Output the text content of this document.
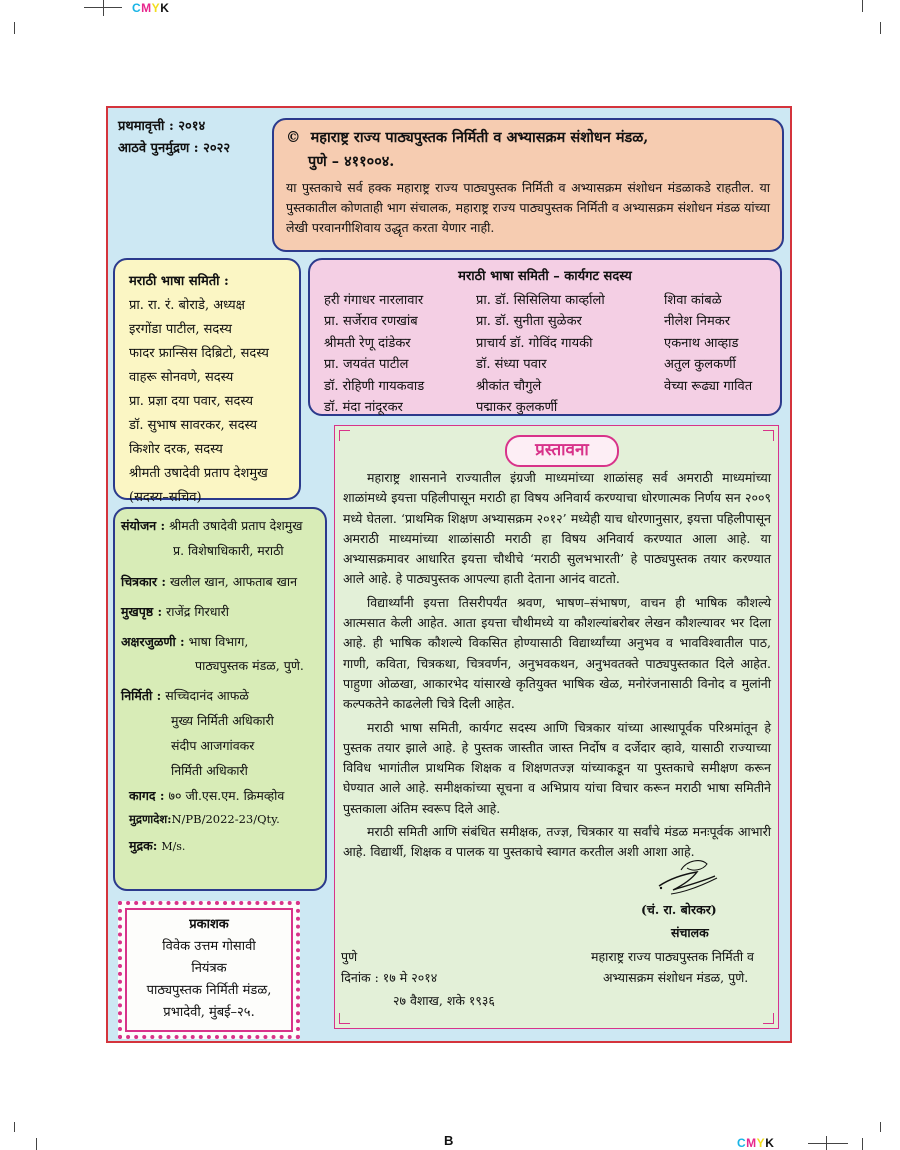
CMYK
CMYK
प्रथमावृत्ती : २०१४
आठवे पुनर्मुद्रण : २०२२
© महाराष्ट्र राज्य पाठ्यपुस्तक निर्मिती व अभ्यासक्रम संशोधन मंडळ,
पुणे – ४११००४.
या पुस्तकाचे सर्व हक्क महाराष्ट्र राज्य पाठ्यपुस्तक निर्मिती व अभ्यासक्रम संशोधन मंडळाकडे राहतील. या पुस्तकातील कोणताही भाग संचालक, महाराष्ट्र राज्य पाठ्यपुस्तक निर्मिती व अभ्यासक्रम संशोधन मंडळ यांच्या लेखी परवानगीशिवाय उद्धृत करता येणार नाही.
मराठी भाषा समिती :
प्रा. रा. रं. बोराडे, अध्यक्ष
इरगोंडा पाटील, सदस्य
फादर फ्रान्सिस दिब्रिटो, सदस्य
वाहरू सोनवणे, सदस्य
प्रा. प्रज्ञा दया पवार, सदस्य
डॉ. सुभाष सावरकर, सदस्य
किशोर दरक, सदस्य
श्रीमती उषादेवी प्रताप देशमुख
(सदस्य–सचिव)
मराठी भाषा समिती – कार्यगट सदस्य
हरी गंगाधर नारलावार
प्रा. सर्जेराव रणखांब
श्रीमती रेणू दांडेकर
प्रा. जयवंत पाटील
डॉ. रोहिणी गायकवाड
डॉ. मंदा नांदूरकर
प्रा. डॉ. सिसिलिया कार्व्हालो
प्रा. डॉ. सुनीता सुळेकर
प्राचार्य डॉ. गोविंद गायकी
डॉ. संध्या पवार
श्रीकांत चौगुले
पद्माकर कुलकर्णी
शिवा कांबळे
नीलेश निमकर
एकनाथ आव्हाड
अतुल कुलकर्णी
वेच्या रूढ्या गावित
संयोजन : श्रीमती उषादेवी प्रताप देशमुख
प्र. विशेषाधिकारी, मराठी
चित्रकार : खलील खान, आफताब खान
मुखपृष्ठ : राजेंद्र गिरधारी
अक्षरजुळणी : भाषा विभाग,
पाठ्यपुस्तक मंडळ, पुणे.
निर्मिती : सच्चिदानंद आफळे
मुख्य निर्मिती अधिकारी
संदीप आजगांवकर
निर्मिती अधिकारी
कागद : ७० जी.एस.एम. क्रिमव्होव
मुद्रणादेश:N/PB/2022-23/Qty.
मुद्रक: M/s.
प्रकाशक
विवेक उत्तम गोसावी
नियंत्रक
पाठ्यपुस्तक निर्मिती मंडळ,
प्रभादेवी, मुंबई–२५.
प्रस्तावना

महाराष्ट्र शासनाने राज्यातील इंग्रजी माध्यमांच्या शाळांसह सर्व अमराठी माध्यमांच्या शाळांमध्ये इयत्ता पहिलीपासून मराठी हा विषय अनिवार्य करण्याचा धोरणात्मक निर्णय सन २००९ मध्ये घेतला. ‘प्राथमिक शिक्षण अभ्यासक्रम २०१२’ मध्येही याच धोरणानुसार, इयत्ता पहिलीपासून अमराठी माध्यमांच्या शाळांसाठी मराठी हा विषय अनिवार्य करण्यात आला आहे. या अभ्यासक्रमावर आधारित इयत्ता चौथीचे ‘मराठी सुलभभारती’ हे पाठ्यपुस्तक तयार करण्यात आले आहे. हे पाठ्यपुस्तक आपल्या हाती देताना आनंद वाटतो.

विद्यार्थ्यांनी इयत्ता तिसरीपर्यंत श्रवण, भाषण–संभाषण, वाचन ही भाषिक कौशल्ये आत्मसात केली आहेत. आता इयत्ता चौथीमध्ये या कौशल्यांबरोबर लेखन कौशल्यावर भर दिला आहे. ही भाषिक कौशल्ये विकसित होण्यासाठी विद्यार्थ्यांच्या अनुभव व भावविश्वातील पाठ, गाणी, कविता, चित्रकथा, चित्रवर्णन, अनुभवकथन, अनुभवतक्ते पाठ्यपुस्तकात दिले आहेत. पाहुणा ओळखा, आकारभेद यांसारखे कृतियुक्त भाषिक खेळ, मनोरंजनासाठी विनोद व मुलांनी कल्पकतेने काढलेली चित्रे दिली आहेत.

मराठी भाषा समिती, कार्यगट सदस्य आणि चित्रकार यांच्या आस्थापूर्वक परिश्रमांतून हे पुस्तक तयार झाले आहे. हे पुस्तक जास्तीत जास्त निर्दोष व दर्जेदार व्हावे, यासाठी राज्याच्या विविध भागांतील प्राथमिक शिक्षक व शिक्षणतज्ज्ञ यांच्याकडून या पुस्तकाचे समीक्षण करून घेण्यात आले आहे. समीक्षकांच्या सूचना व अभिप्राय यांचा विचार करून मराठी भाषा समितीने पुस्तकाला अंतिम स्वरूप दिले आहे.

मराठी समिती आणि संबंधित समीक्षक, तज्ज्ञ, चित्रकार या सर्वांचे मंडळ मनःपूर्वक आभारी आहे. विद्यार्थी, शिक्षक व पालक या पुस्तकाचे स्वागत करतील अशी आशा आहे.

(चं. रा. बोरकर)
संचालक
महाराष्ट्र राज्य पाठ्यपुस्तक निर्मिती व
अभ्यासक्रम संशोधन मंडळ, पुणे.
पुणे
दिनांक : १७ मे २०१४
२७ वैशाख, शके १९३६
B
